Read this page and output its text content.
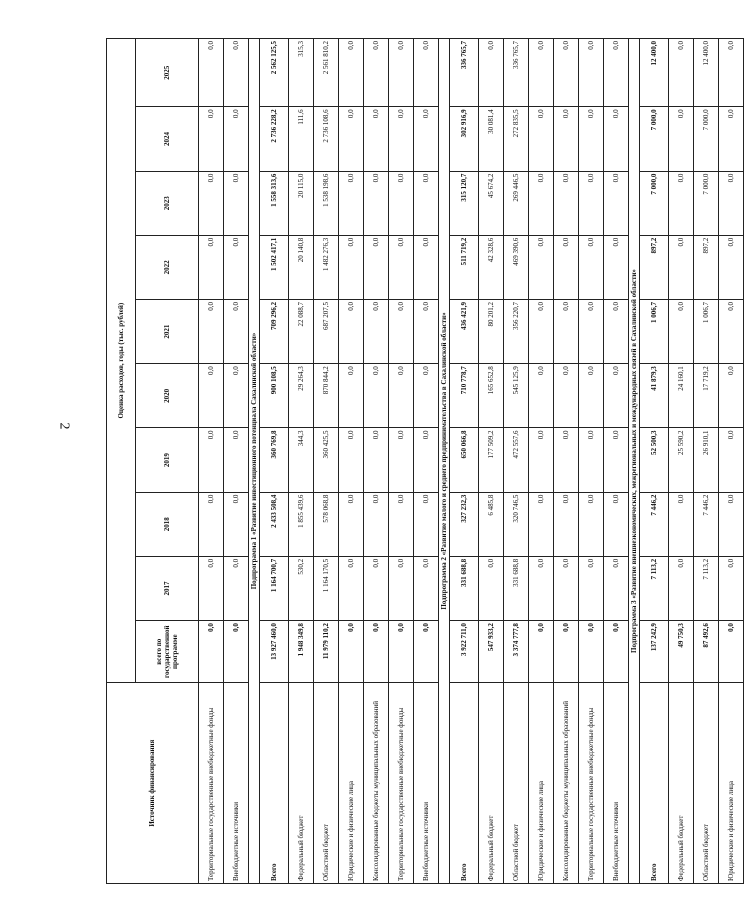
2
Источник финансирования	Оценка расходов, годы (тыс. рублей)									
	всего по государственной программе	2017	2018	2019	2020	2021	2022	2023	2024	2025
Территориальные государственные внебюджетные фонды	0,0	0,0	0,0	0,0	0,0	0,0	0,0	0,0	0,0	0,0
Внебюджетные источники	0,0	0,0	0,0	0,0	0,0	0,0	0,0	0,0	0,0	0,0
Подпрограмма 1 «Развитие инвестиционного потенциала Сахалинской области»										
Всего	13 927 460,0	1 164 700,7	2 433 508,4	360 769,8	900 108,5	709 296,2	1 502 417,1	1 558 313,6	2 736 228,2	2 562 125,5
Федеральный бюджет	1 948 349,8	530,2	1 855 439,6	344,3	29 264,3	22 088,7	20 140,8	20 115,0	111,6	315,3
Областной бюджет	11 979 110,2	1 164 170,5	578 068,8	360 425,5	870 844,2	687 207,5	1 482 276,3	1 538 198,6	2 736 108,6	2 561 810,2
Юридические и физические лица	0,0	0,0	0,0	0,0	0,0	0,0	0,0	0,0	0,0	0,0
Консолидированные бюджеты муниципальных образований	0,0	0,0	0,0	0,0	0,0	0,0	0,0	0,0	0,0	0,0
Территориальные государственные внебюджетные фонды	0,0	0,0	0,0	0,0	0,0	0,0	0,0	0,0	0,0	0,0
Внебюджетные источники	0,0	0,0	0,0	0,0	0,0	0,0	0,0	0,0	0,0	0,0
Подпрограмма 2 «Развитие малого и среднего предпринимательства в Сахалинской области»										
Всего	3 922 711,0	331 688,8	327 232,3	650 066,8	710 778,7	436 421,9	511 719,2	315 120,7	302 916,9	336 765,7
Федеральный бюджет	547 933,2	0,0	6 485,8	177 509,2	165 652,8	80 201,2	42 328,6	45 674,2	30 081,4	0,0
Областной бюджет	3 374 777,8	331 688,8	320 746,5	472 557,6	545 125,9	356 220,7	469 390,6	269 446,5	272 835,5	336 765,7
Юридические и физические лица	0,0	0,0	0,0	0,0	0,0	0,0	0,0	0,0	0,0	0,0
Консолидированные бюджеты муниципальных образований	0,0	0,0	0,0	0,0	0,0	0,0	0,0	0,0	0,0	0,0
Территориальные государственные внебюджетные фонды	0,0	0,0	0,0	0,0	0,0	0,0	0,0	0,0	0,0	0,0
Внебюджетные источники	0,0	0,0	0,0	0,0	0,0	0,0	0,0	0,0	0,0	0,0
Подпрограмма 3 «Развитие внешнеэкономических, межрегиональных и международных связей в Сахалинской области»										
Всего	137 242,9	7 113,2	7 446,2	52 500,3	41 879,3	1 006,7	897,2	7 000,0	7 000,0	12 400,0
Федеральный бюджет	49 750,3	0,0	0,0	25 590,2	24 160,1	0,0	0,0	0,0	0,0	0,0
Областной бюджет	87 492,6	7 113,2	7 446,2	26 910,1	17 719,2	1 006,7	897,2	7 000,0	7 000,0	12 400,0
Юридические и физические лица	0,0	0,0	0,0	0,0	0,0	0,0	0,0	0,0	0,0	0,0
